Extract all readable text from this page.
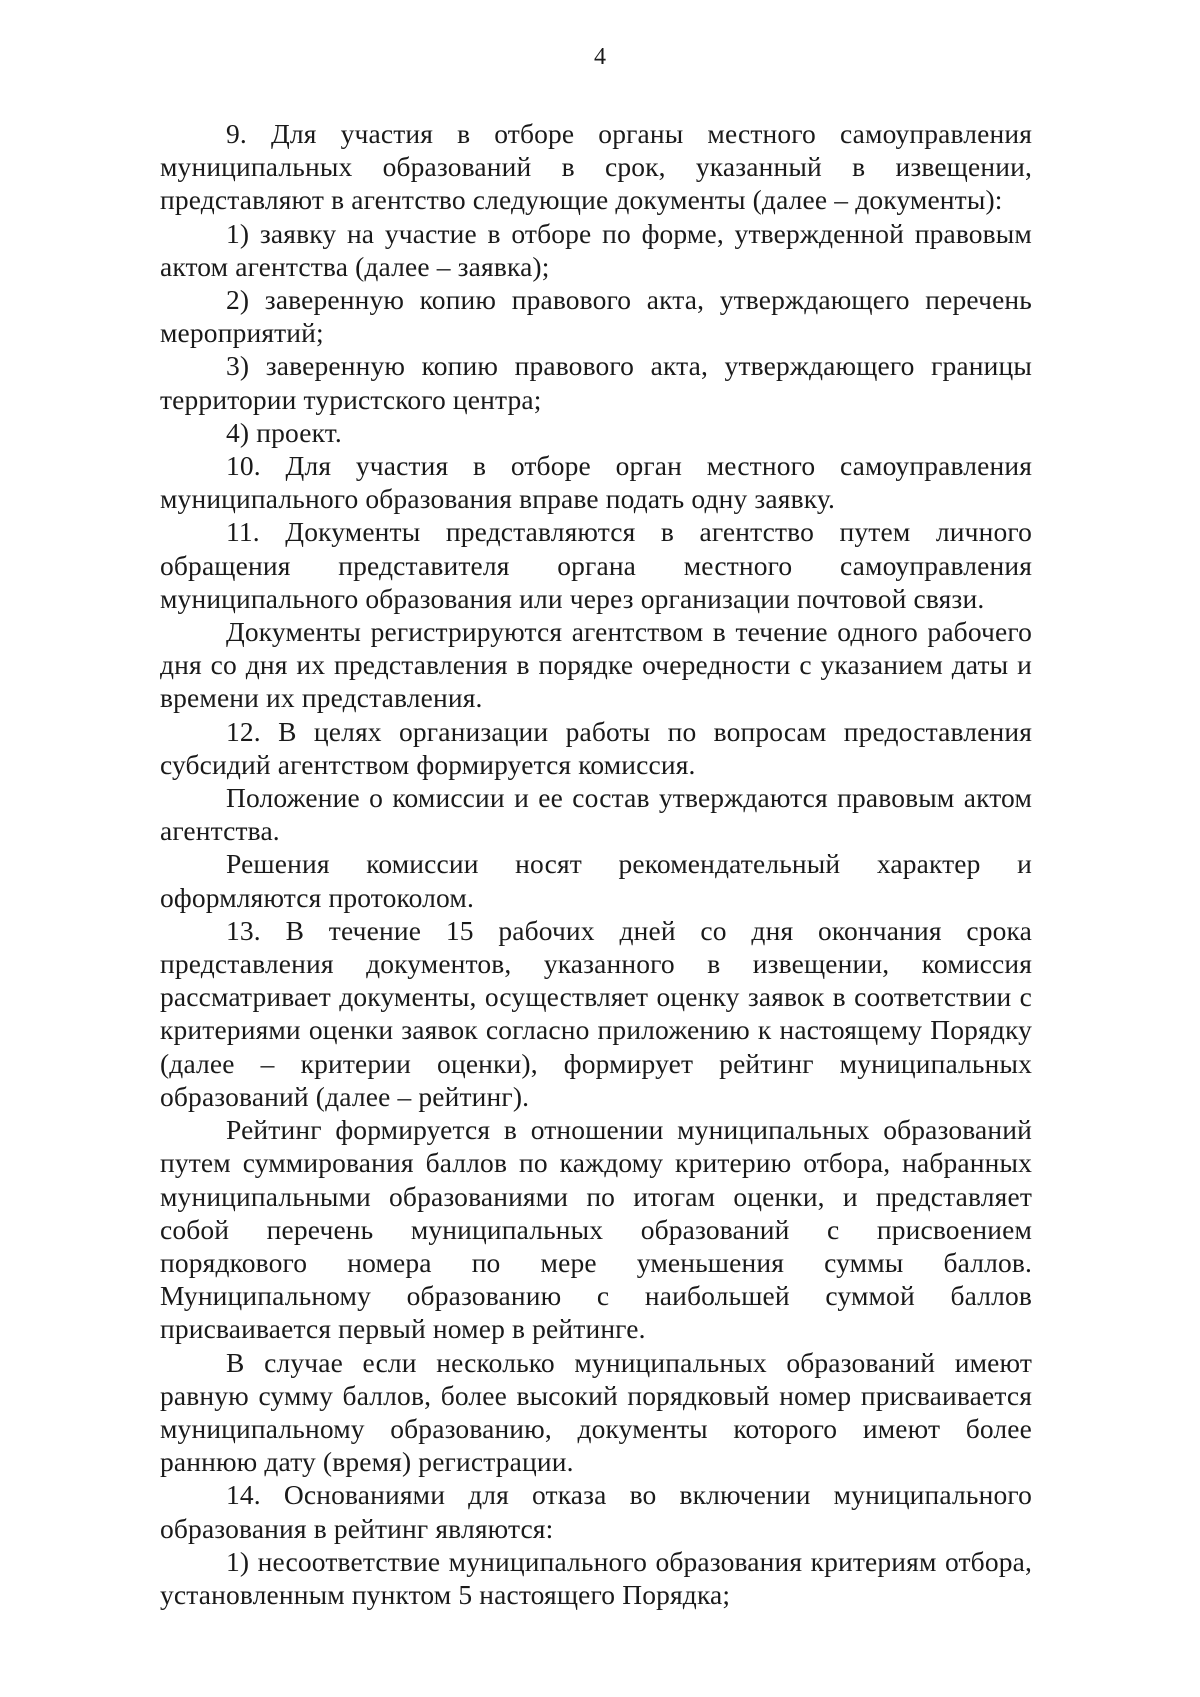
4

9. Для участия в отборе органы местного самоуправления муниципальных образований в срок, указанный в извещении, представляют в агентство следующие документы (далее – документы):

1) заявку на участие в отборе по форме, утвержденной правовым актом агентства (далее – заявка);

2) заверенную копию правового акта, утверждающего перечень мероприятий;

3) заверенную копию правового акта, утверждающего границы территории туристского центра;

4) проект.

10. Для участия в отборе орган местного самоуправления муниципального образования вправе подать одну заявку.

11. Документы представляются в агентство путем личного обращения представителя органа местного самоуправления муниципального образования или через организации почтовой связи.

Документы регистрируются агентством в течение одного рабочего дня со дня их представления в порядке очередности с указанием даты и времени их представления.

12. В целях организации работы по вопросам предоставления субсидий агентством формируется комиссия.

Положение о комиссии и ее состав утверждаются правовым актом агентства.

Решения комиссии носят рекомендательный характер и оформляются протоколом.

13. В течение 15 рабочих дней со дня окончания срока представления документов, указанного в извещении, комиссия рассматривает документы, осуществляет оценку заявок в соответствии с критериями оценки заявок согласно приложению к настоящему Порядку (далее – критерии оценки), формирует рейтинг муниципальных образований (далее – рейтинг).

Рейтинг формируется в отношении муниципальных образований путем суммирования баллов по каждому критерию отбора, набранных муниципальными образованиями по итогам оценки, и представляет собой перечень муниципальных образований с присвоением порядкового номера по мере уменьшения суммы баллов. Муниципальному образованию с наибольшей суммой баллов присваивается первый номер в рейтинге.

В случае если несколько муниципальных образований имеют равную сумму баллов, более высокий порядковый номер присваивается муниципальному образованию, документы которого имеют более раннюю дату (время) регистрации.

14. Основаниями для отказа во включении муниципального образования в рейтинг являются:

1) несоответствие муниципального образования критериям отбора, установленным пунктом 5 настоящего Порядка;
